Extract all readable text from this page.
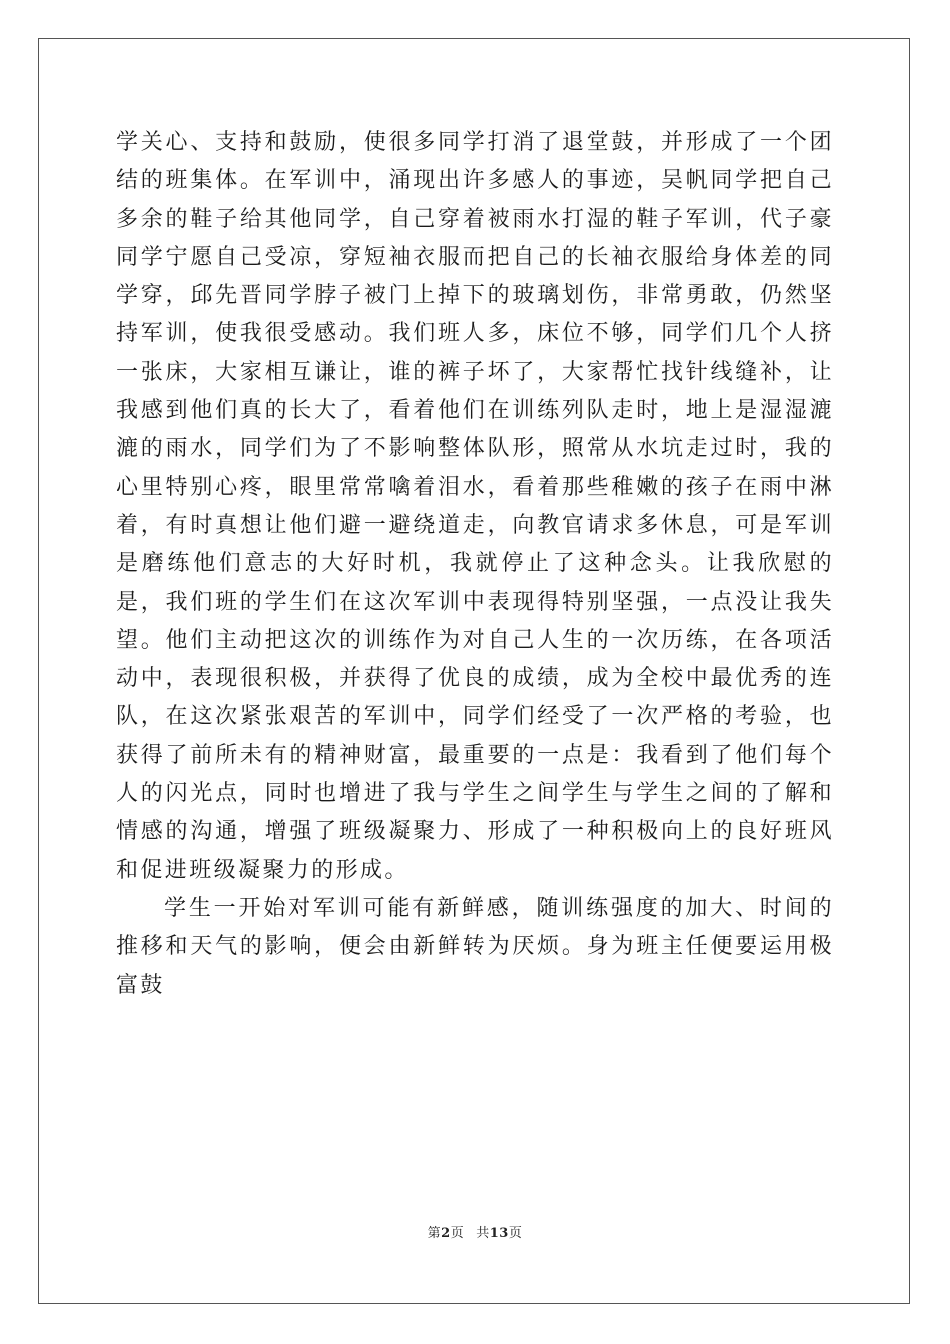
学关心、支持和鼓励，使很多同学打消了退堂鼓，并形成了一个团结的班集体。在军训中，涌现出许多感人的事迹，吴帆同学把自己多余的鞋子给其他同学，自己穿着被雨水打湿的鞋子军训，代子豪同学宁愿自己受凉，穿短袖衣服而把自己的长袖衣服给身体差的同学穿，邱先晋同学脖子被门上掉下的玻璃划伤，非常勇敢，仍然坚持军训，使我很受感动。我们班人多，床位不够，同学们几个人挤一张床，大家相互谦让，谁的裤子坏了，大家帮忙找针线缝补，让我感到他们真的长大了，看着他们在训练列队走时，地上是湿湿漉漉的雨水，同学们为了不影响整体队形，照常从水坑走过时，我的心里特别心疼，眼里常常噙着泪水，看着那些稚嫩的孩子在雨中淋着，有时真想让他们避一避绕道走，向教官请求多休息，可是军训是磨练他们意志的大好时机，我就停止了这种念头。让我欣慰的是，我们班的学生们在这次军训中表现得特别坚强，一点没让我失望。他们主动把这次的训练作为对自己人生的一次历练，在各项活动中，表现很积极，并获得了优良的成绩，成为全校中最优秀的连队，在这次紧张艰苦的军训中，同学们经受了一次严格的考验，也获得了前所未有的精神财富，最重要的一点是：我看到了他们每个人的闪光点，同时也增进了我与学生之间学生与学生之间的了解和情感的沟通，增强了班级凝聚力、形成了一种积极向上的良好班风和促进班级凝聚力的形成。

学生一开始对军训可能有新鲜感，随训练强度的加大、时间的推移和天气的影响，便会由新鲜转为厌烦。身为班主任便要运用极富鼓

第2页 共13页
